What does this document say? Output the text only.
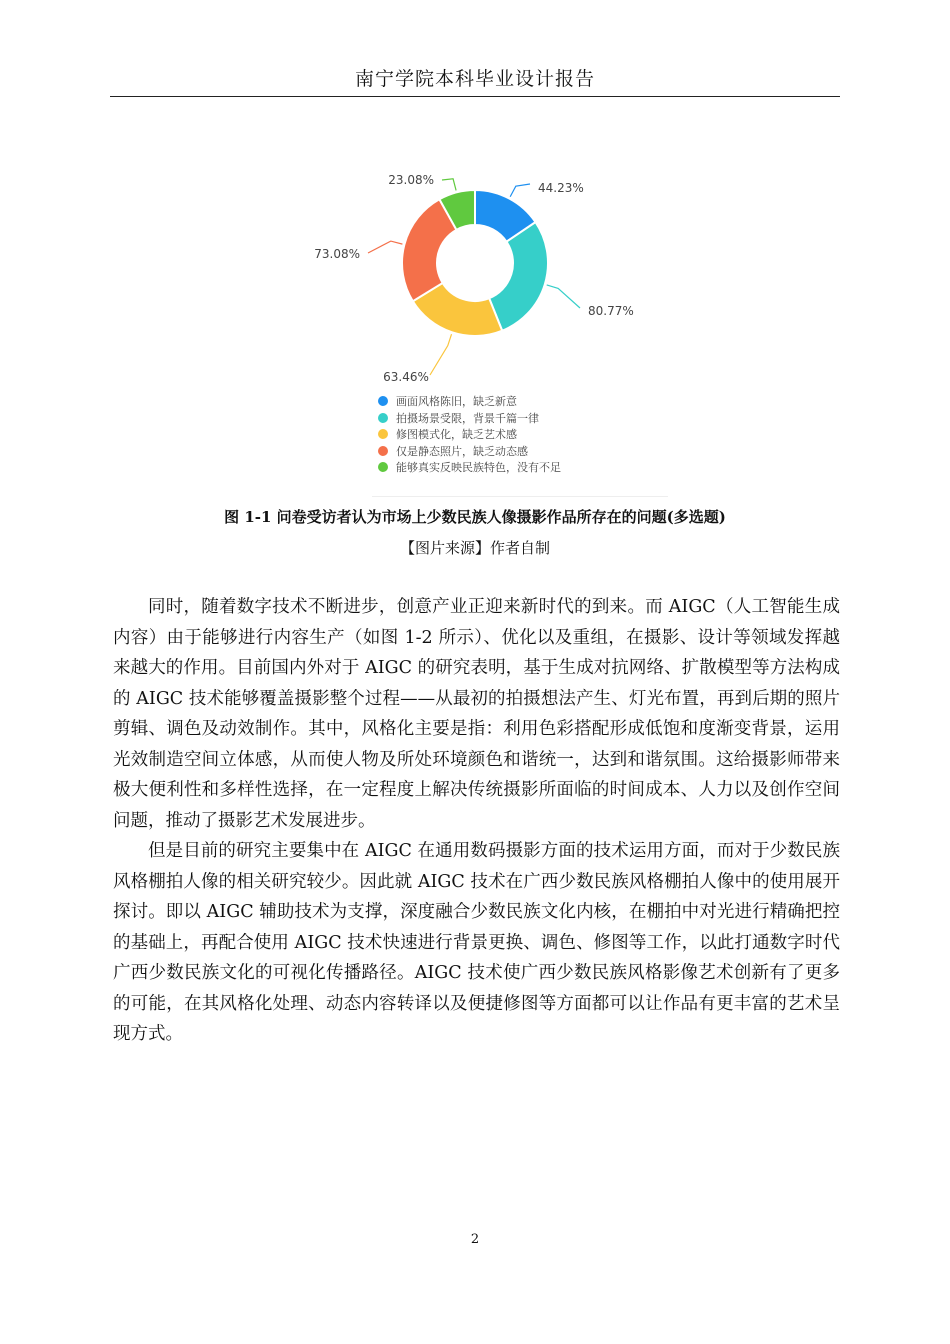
南宁学院本科毕业设计报告
44.23%
80.77%
63.46%
73.08%
23.08%
画面风格陈旧，缺乏新意
拍摄场景受限，背景千篇一律
修图模式化，缺乏艺术感
仅是静态照片，缺乏动态感
能够真实反映民族特色，没有不足
图 1-1 问卷受访者认为市场上少数民族人像摄影作品所存在的问题(多选题)
【图片来源】作者自制

同时，随着数字技术不断进步，创意产业正迎来新时代的到来。而 AIGC（人工智能生成内容）由于能够进行内容生产（如图 1-2 所示）、优化以及重组，在摄影、设计等领域发挥越来越大的作用。目前国内外对于 AIGC 的研究表明，基于生成对抗网络、扩散模型等方法构成的 AIGC 技术能够覆盖摄影整个过程——从最初的拍摄想法产生、灯光布置，再到后期的照片剪辑、调色及动效制作。其中，风格化主要是指：利用色彩搭配形成低饱和度渐变背景，运用光效制造空间立体感，从而使人物及所处环境颜色和谐统一，达到和谐氛围。这给摄影师带来极大便利性和多样性选择，在一定程度上解决传统摄影所面临的时间成本、人力以及创作空间问题，推动了摄影艺术发展进步。

但是目前的研究主要集中在 AIGC 在通用数码摄影方面的技术运用方面，而对于少数民族风格棚拍人像的相关研究较少。因此就 AIGC 技术在广西少数民族风格棚拍人像中的使用展开探讨。即以 AIGC 辅助技术为支撑，深度融合少数民族文化内核，在棚拍中对光进行精确把控的基础上，再配合使用 AIGC 技术快速进行背景更换、调色、修图等工作，以此打通数字时代广西少数民族文化的可视化传播路径。AIGC 技术使广西少数民族风格影像艺术创新有了更多的可能，在其风格化处理、动态内容转译以及便捷修图等方面都可以让作品有更丰富的艺术呈现方式。

2
